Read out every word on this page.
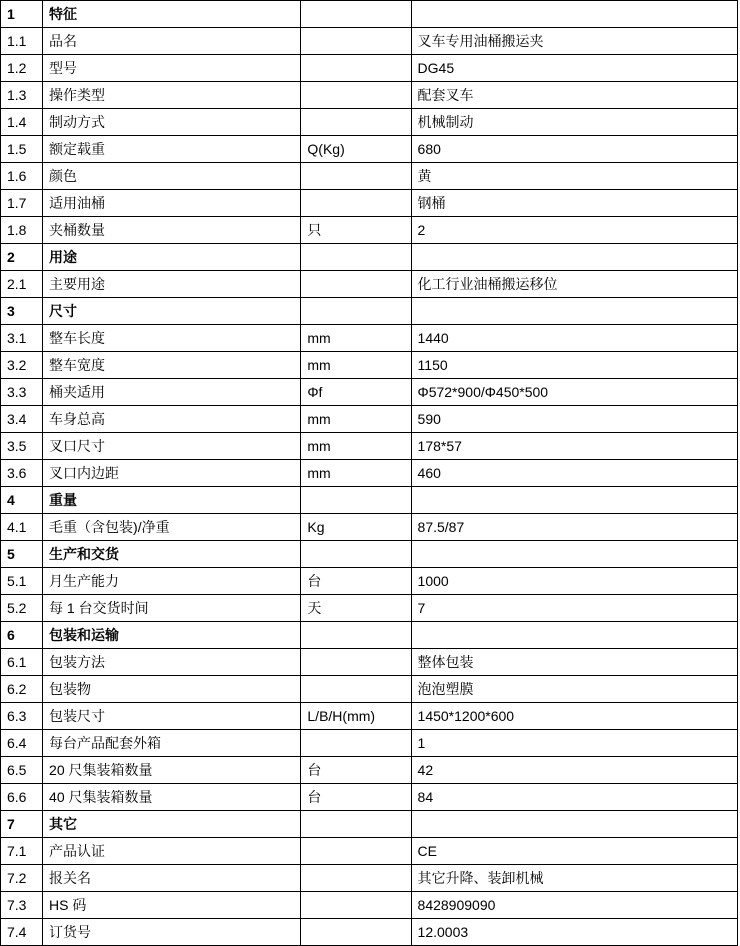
1	特征		
1.1	品名		叉车专用油桶搬运夹
1.2	型号		DG45
1.3	操作类型		配套叉车
1.4	制动方式		机械制动
1.5	额定载重	Q(Kg)	680
1.6	颜色		黄
1.7	适用油桶		钢桶
1.8	夹桶数量	只	2
2	用途		
2.1	主要用途		化工行业油桶搬运移位
3	尺寸		
3.1	整车长度	mm	1440
3.2	整车宽度	mm	1150
3.3	桶夹适用	Φf	Φ572*900/Φ450*500
3.4	车身总高	mm	590
3.5	叉口尺寸	mm	178*57
3.6	叉口内边距	mm	460
4	重量		
4.1	毛重（含包装)/净重	Kg	87.5/87
5	生产和交货		
5.1	月生产能力	台	1000
5.2	每 1 台交货时间	天	7
6	包装和运输		
6.1	包装方法		整体包装
6.2	包装物		泡泡塑膜
6.3	包装尺寸	L/B/H(mm)	1450*1200*600
6.4	每台产品配套外箱		1
6.5	20 尺集装箱数量	台	42
6.6	40 尺集装箱数量	台	84
7	其它		
7.1	产品认证		CE
7.2	报关名		其它升降、装卸机械
7.3	HS 码		8428909090
7.4	订货号		12.0003
